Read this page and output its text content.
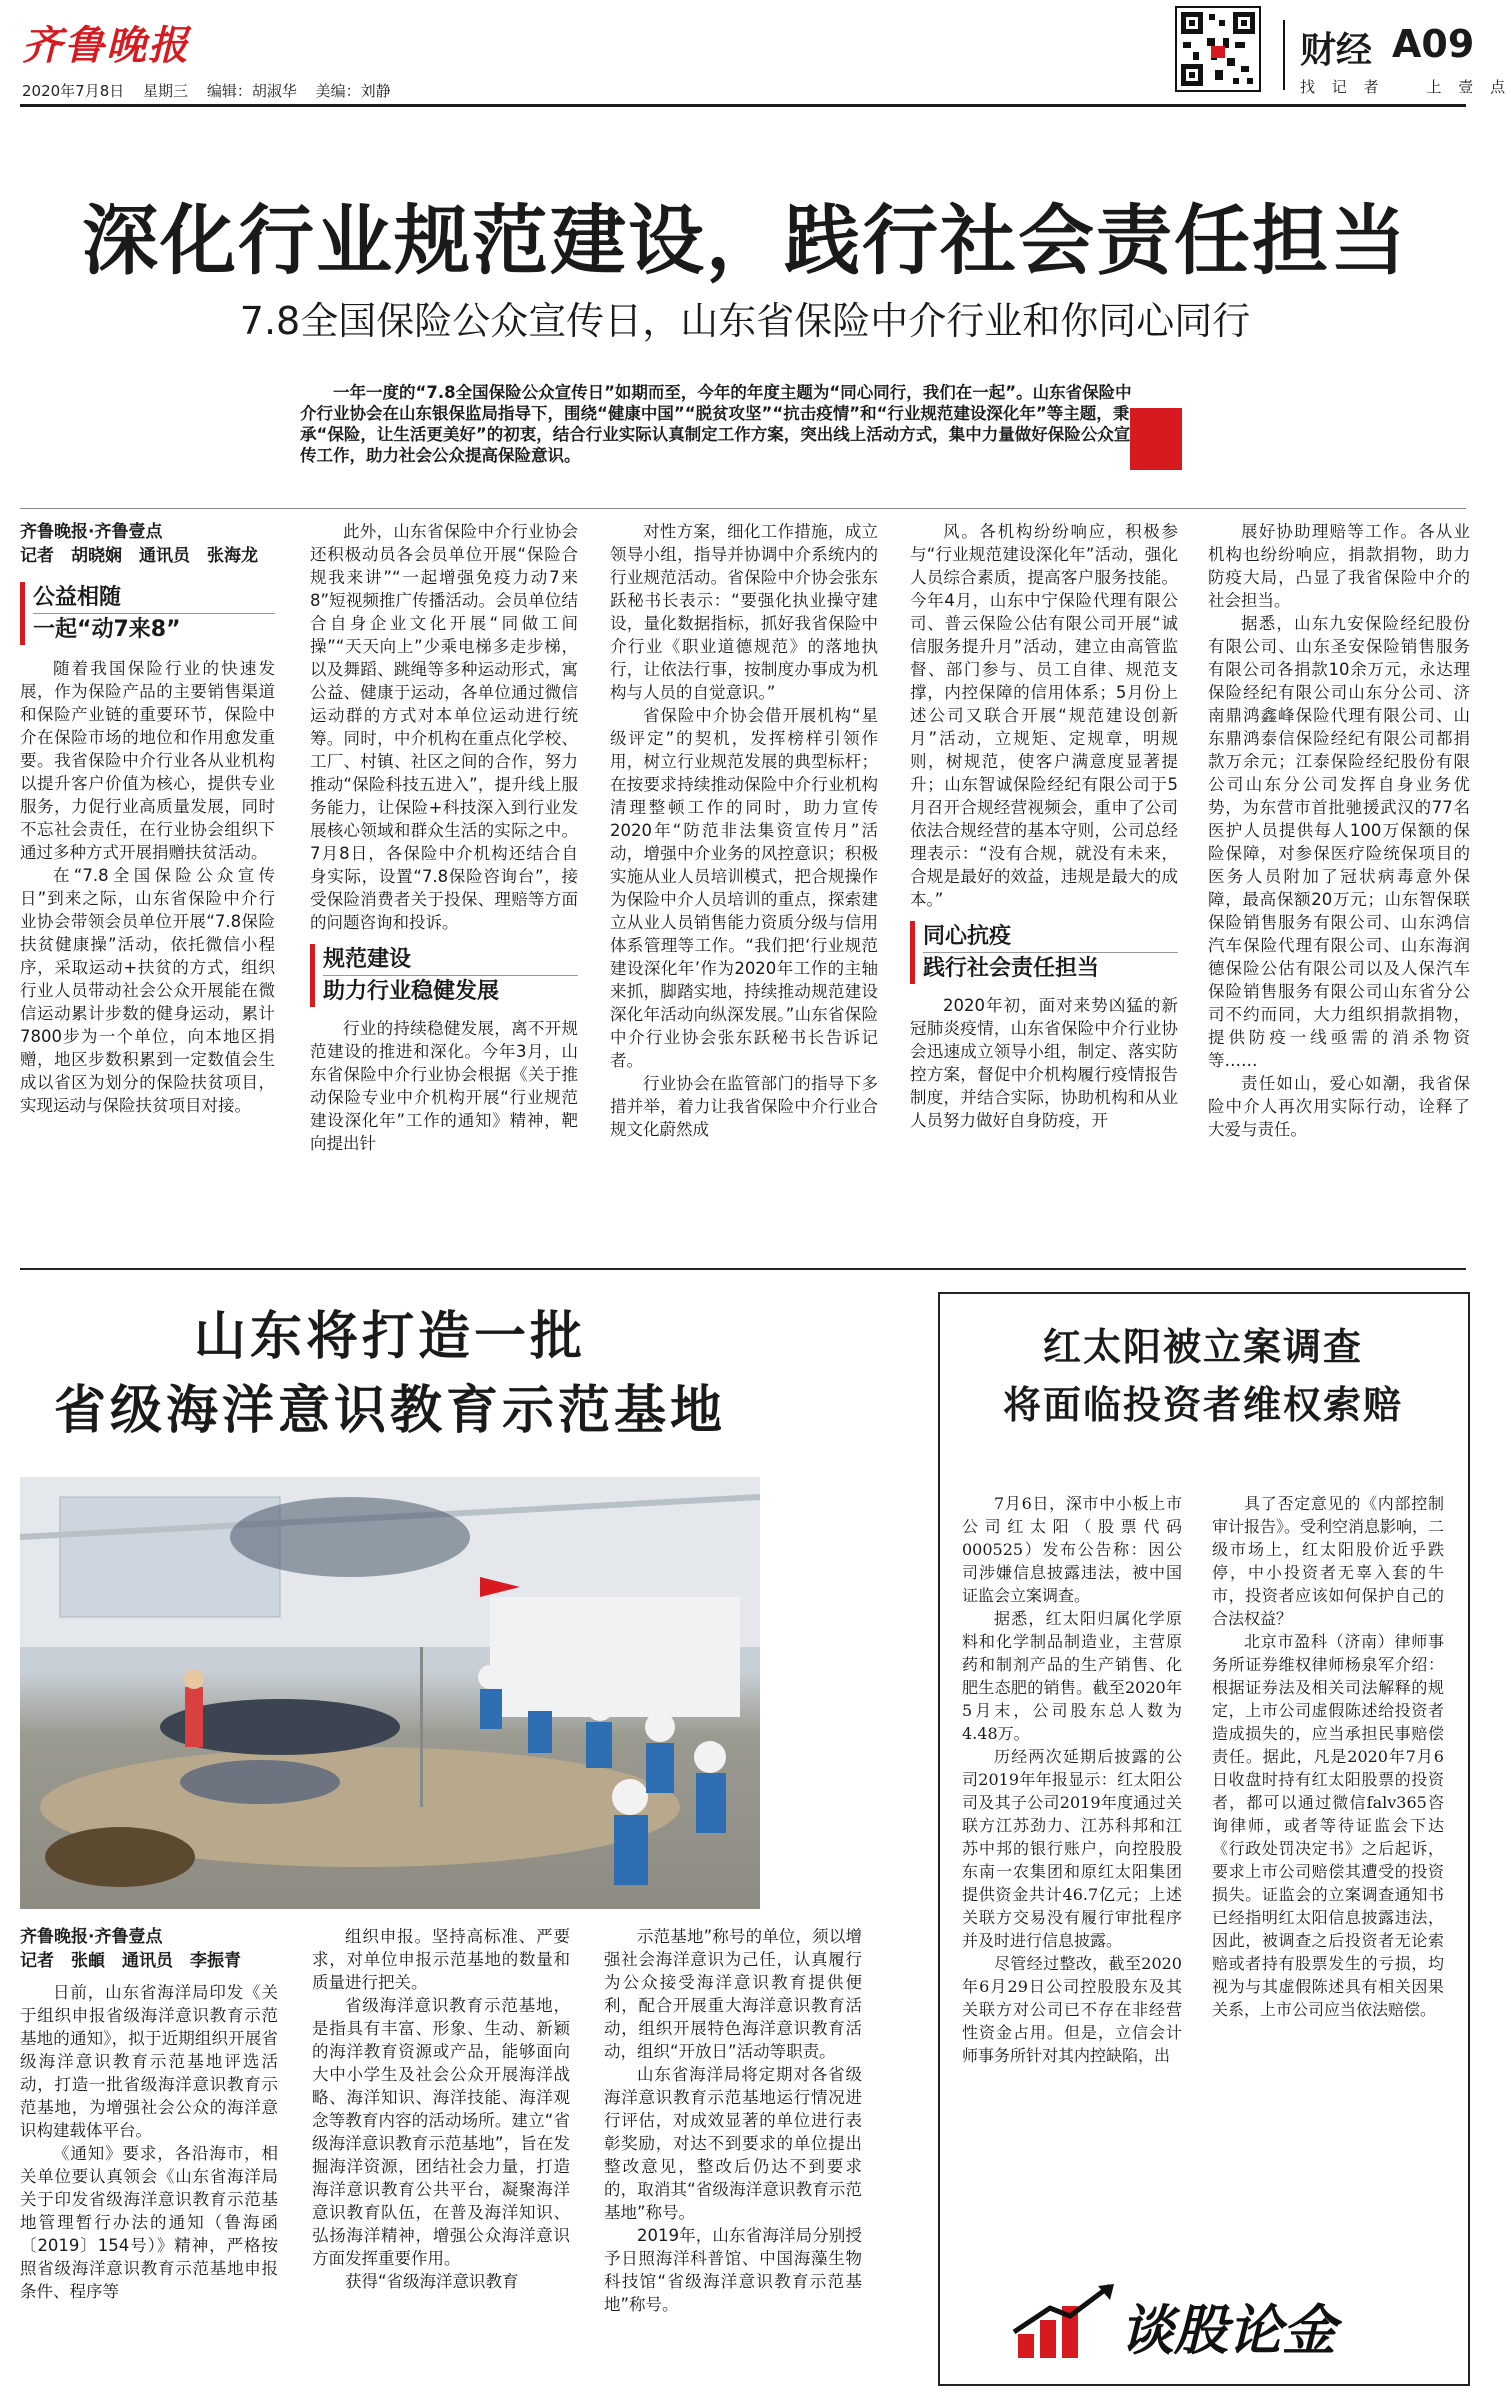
齐鲁晚报
2020年7月8日 星期三 编辑：胡淑华 美编：刘静
财经 A09
找 记 者　　上 壹 点
深化行业规范建设，践行社会责任担当
7.8全国保险公众宣传日，山东省保险中介行业和你同心同行
一年一度的“7.8全国保险公众宣传日”如期而至，今年的年度主题为“同心同行，我们在一起”。山东省保险中介行业协会在山东银保监局指导下，围绕“健康中国”“脱贫攻坚”“抗击疫情”和“行业规范建设深化年”等主题，秉承“保险，让生活更美好”的初衷，结合行业实际认真制定工作方案，突出线上活动方式，集中力量做好保险公众宣传工作，助力社会公众提高保险意识。
齐鲁晚报·齐鲁壹点
记者　胡晓娴　通讯员　张海龙
公益相随
一起“动7来8”

随着我国保险行业的快速发展，作为保险产品的主要销售渠道和保险产业链的重要环节，保险中介在保险市场的地位和作用愈发重要。我省保险中介行业各从业机构以提升客户价值为核心，提供专业服务，力促行业高质量发展，同时不忘社会责任，在行业协会组织下通过多种方式开展捐赠扶贫活动。

在“7.8全国保险公众宣传日”到来之际，山东省保险中介行业协会带领会员单位开展“7.8保险扶贫健康操”活动，依托微信小程序，采取运动+扶贫的方式，组织行业人员带动社会公众开展能在微信运动累计步数的健身运动，累计7800步为一个单位，向本地区捐赠，地区步数积累到一定数值会生成以省区为划分的保险扶贫项目，实现运动与保险扶贫项目对接。

此外，山东省保险中介行业协会还积极动员各会员单位开展“保险合规我来讲”“一起增强免疫力动7来8”短视频推广传播活动。会员单位结合自身企业文化开展“同做工间操”“天天向上”少乘电梯多走步梯，以及舞蹈、跳绳等多种运动形式，寓公益、健康于运动，各单位通过微信运动群的方式对本单位运动进行统筹。同时，中介机构在重点化学校、工厂、村镇、社区之间的合作，努力推动“保险科技五进入”，提升线上服务能力，让保险+科技深入到行业发展核心领域和群众生活的实际之中。7月8日，各保险中介机构还结合自身实际，设置“7.8保险咨询台”，接受保险消费者关于投保、理赔等方面的问题咨询和投诉。

规范建设
助力行业稳健发展

行业的持续稳健发展，离不开规范建设的推进和深化。今年3月，山东省保险中介行业协会根据《关于推动保险专业中介机构开展“行业规范建设深化年”工作的通知》精神，靶向提出针

对性方案，细化工作措施，成立领导小组，指导并协调中介系统内的行业规范活动。省保险中介协会张东跃秘书长表示：“要强化执业操守建设，量化数据指标，抓好我省保险中介行业《职业道德规范》的落地执行，让依法行事，按制度办事成为机构与人员的自觉意识。”

省保险中介协会借开展机构“星级评定”的契机，发挥榜样引领作用，树立行业规范发展的典型标杆；在按要求持续推动保险中介行业机构清理整顿工作的同时，助力宣传2020年“防范非法集资宣传月”活动，增强中介业务的风控意识；积极实施从业人员培训模式，把合规操作为保险中介人员培训的重点，探索建立从业人员销售能力资质分级与信用体系管理等工作。“我们把‘行业规范建设深化年’作为2020年工作的主轴来抓，脚踏实地，持续推动规范建设深化年活动向纵深发展。”山东省保险中介行业协会张东跃秘书长告诉记者。

行业协会在监管部门的指导下多措并举，着力让我省保险中介行业合规文化蔚然成

风。各机构纷纷响应，积极参与“行业规范建设深化年”活动，强化人员综合素质，提高客户服务技能。今年4月，山东中宁保险代理有限公司、普云保险公估有限公司开展“诚信服务提升月”活动，建立由高管监督、部门参与、员工自律、规范支撑，内控保障的信用体系；5月份上述公司又联合开展“规范建设创新月”活动，立规矩、定规章，明规则，树规范，使客户满意度显著提升；山东智诚保险经纪有限公司于5月召开合规经营视频会，重申了公司依法合规经营的基本守则，公司总经理表示：“没有合规，就没有未来，合规是最好的效益，违规是最大的成本。”

同心抗疫
践行社会责任担当

2020年初，面对来势凶猛的新冠肺炎疫情，山东省保险中介行业协会迅速成立领导小组，制定、落实防控方案，督促中介机构履行疫情报告制度，并结合实际，协助机构和从业人员努力做好自身防疫，开

展好协助理赔等工作。各从业机构也纷纷响应，捐款捐物，助力防疫大局，凸显了我省保险中介的社会担当。

据悉，山东九安保险经纪股份有限公司、山东圣安保险销售服务有限公司各捐款10余万元，永达理保险经纪有限公司山东分公司、济南鼎鸿鑫峰保险代理有限公司、山东鼎鸿泰信保险经纪有限公司都捐款万余元；江泰保险经纪股份有限公司山东分公司发挥自身业务优势，为东营市首批驰援武汉的77名医护人员提供每人100万保额的保险保障，对参保医疗险统保项目的医务人员附加了冠状病毒意外保障，最高保额20万元；山东智保联保险销售服务有限公司、山东鸿信汽车保险代理有限公司、山东海润德保险公估有限公司以及人保汽车保险销售服务有限公司山东省分公司不约而同，大力组织捐款捐物，提供防疫一线亟需的消杀物资等……

责任如山，爱心如潮，我省保险中介人再次用实际行动，诠释了大爱与责任。

山东将打造一批
省级海洋意识教育示范基地
齐鲁晚报·齐鲁壹点
记者　张頔　通讯员　李振青

日前，山东省海洋局印发《关于组织申报省级海洋意识教育示范基地的通知》，拟于近期组织开展省级海洋意识教育示范基地评选活动，打造一批省级海洋意识教育示范基地，为增强社会公众的海洋意识构建载体平台。

《通知》要求，各沿海市，相关单位要认真领会《山东省海洋局关于印发省级海洋意识教育示范基地管理暂行办法的通知（鲁海函〔2019〕154号）》精神，严格按照省级海洋意识教育示范基地申报条件、程序等

组织申报。坚持高标准、严要求，对单位申报示范基地的数量和质量进行把关。

省级海洋意识教育示范基地，是指具有丰富、形象、生动、新颖的海洋教育资源或产品，能够面向大中小学生及社会公众开展海洋战略、海洋知识、海洋技能、海洋观念等教育内容的活动场所。建立“省级海洋意识教育示范基地”，旨在发掘海洋资源，团结社会力量，打造海洋意识教育公共平台，凝聚海洋意识教育队伍，在普及海洋知识、弘扬海洋精神，增强公众海洋意识方面发挥重要作用。

获得“省级海洋意识教育

示范基地”称号的单位，须以增强社会海洋意识为己任，认真履行为公众接受海洋意识教育提供便利，配合开展重大海洋意识教育活动，组织开展特色海洋意识教育活动，组织“开放日”活动等职责。

山东省海洋局将定期对各省级海洋意识教育示范基地运行情况进行评估，对成效显著的单位进行表彰奖励，对达不到要求的单位提出整改意见，整改后仍达不到要求的，取消其“省级海洋意识教育示范基地”称号。

2019年，山东省海洋局分别授予日照海洋科普馆、中国海藻生物科技馆“省级海洋意识教育示范基地”称号。

红太阳被立案调查
将面临投资者维权索赔

7月6日，深市中小板上市公司红太阳（股票代码000525）发布公告称：因公司涉嫌信息披露违法，被中国证监会立案调查。

据悉，红太阳归属化学原料和化学制品制造业，主营原药和制剂产品的生产销售、化肥生态肥的销售。截至2020年5月末，公司股东总人数为4.48万。

历经两次延期后披露的公司2019年年报显示：红太阳公司及其子公司2019年度通过关联方江苏劲力、江苏科邦和江苏中邦的银行账户，向控股股东南一农集团和原红太阳集团提供资金共计46.7亿元；上述关联方交易没有履行审批程序并及时进行信息披露。

尽管经过整改，截至2020年6月29日公司控股股东及其关联方对公司已不存在非经营性资金占用。但是，立信会计师事务所针对其内控缺陷，出

具了否定意见的《内部控制审计报告》。受利空消息影响，二级市场上，红太阳股价近乎跌停，中小投资者无辜入套的牛市，投资者应该如何保护自己的合法权益？

北京市盈科（济南）律师事务所证券维权律师杨泉军介绍：根据证券法及相关司法解释的规定，上市公司虚假陈述给投资者造成损失的，应当承担民事赔偿责任。据此，凡是2020年7月6日收盘时持有红太阳股票的投资者，都可以通过微信falv365咨询律师，或者等待证监会下达《行政处罚决定书》之后起诉，要求上市公司赔偿其遭受的投资损失。证监会的立案调查通知书已经指明红太阳信息披露违法，因此，被调查之后投资者无论索赔或者持有股票发生的亏损，均视为与其虚假陈述具有相关因果关系，上市公司应当依法赔偿。

谈股论金
